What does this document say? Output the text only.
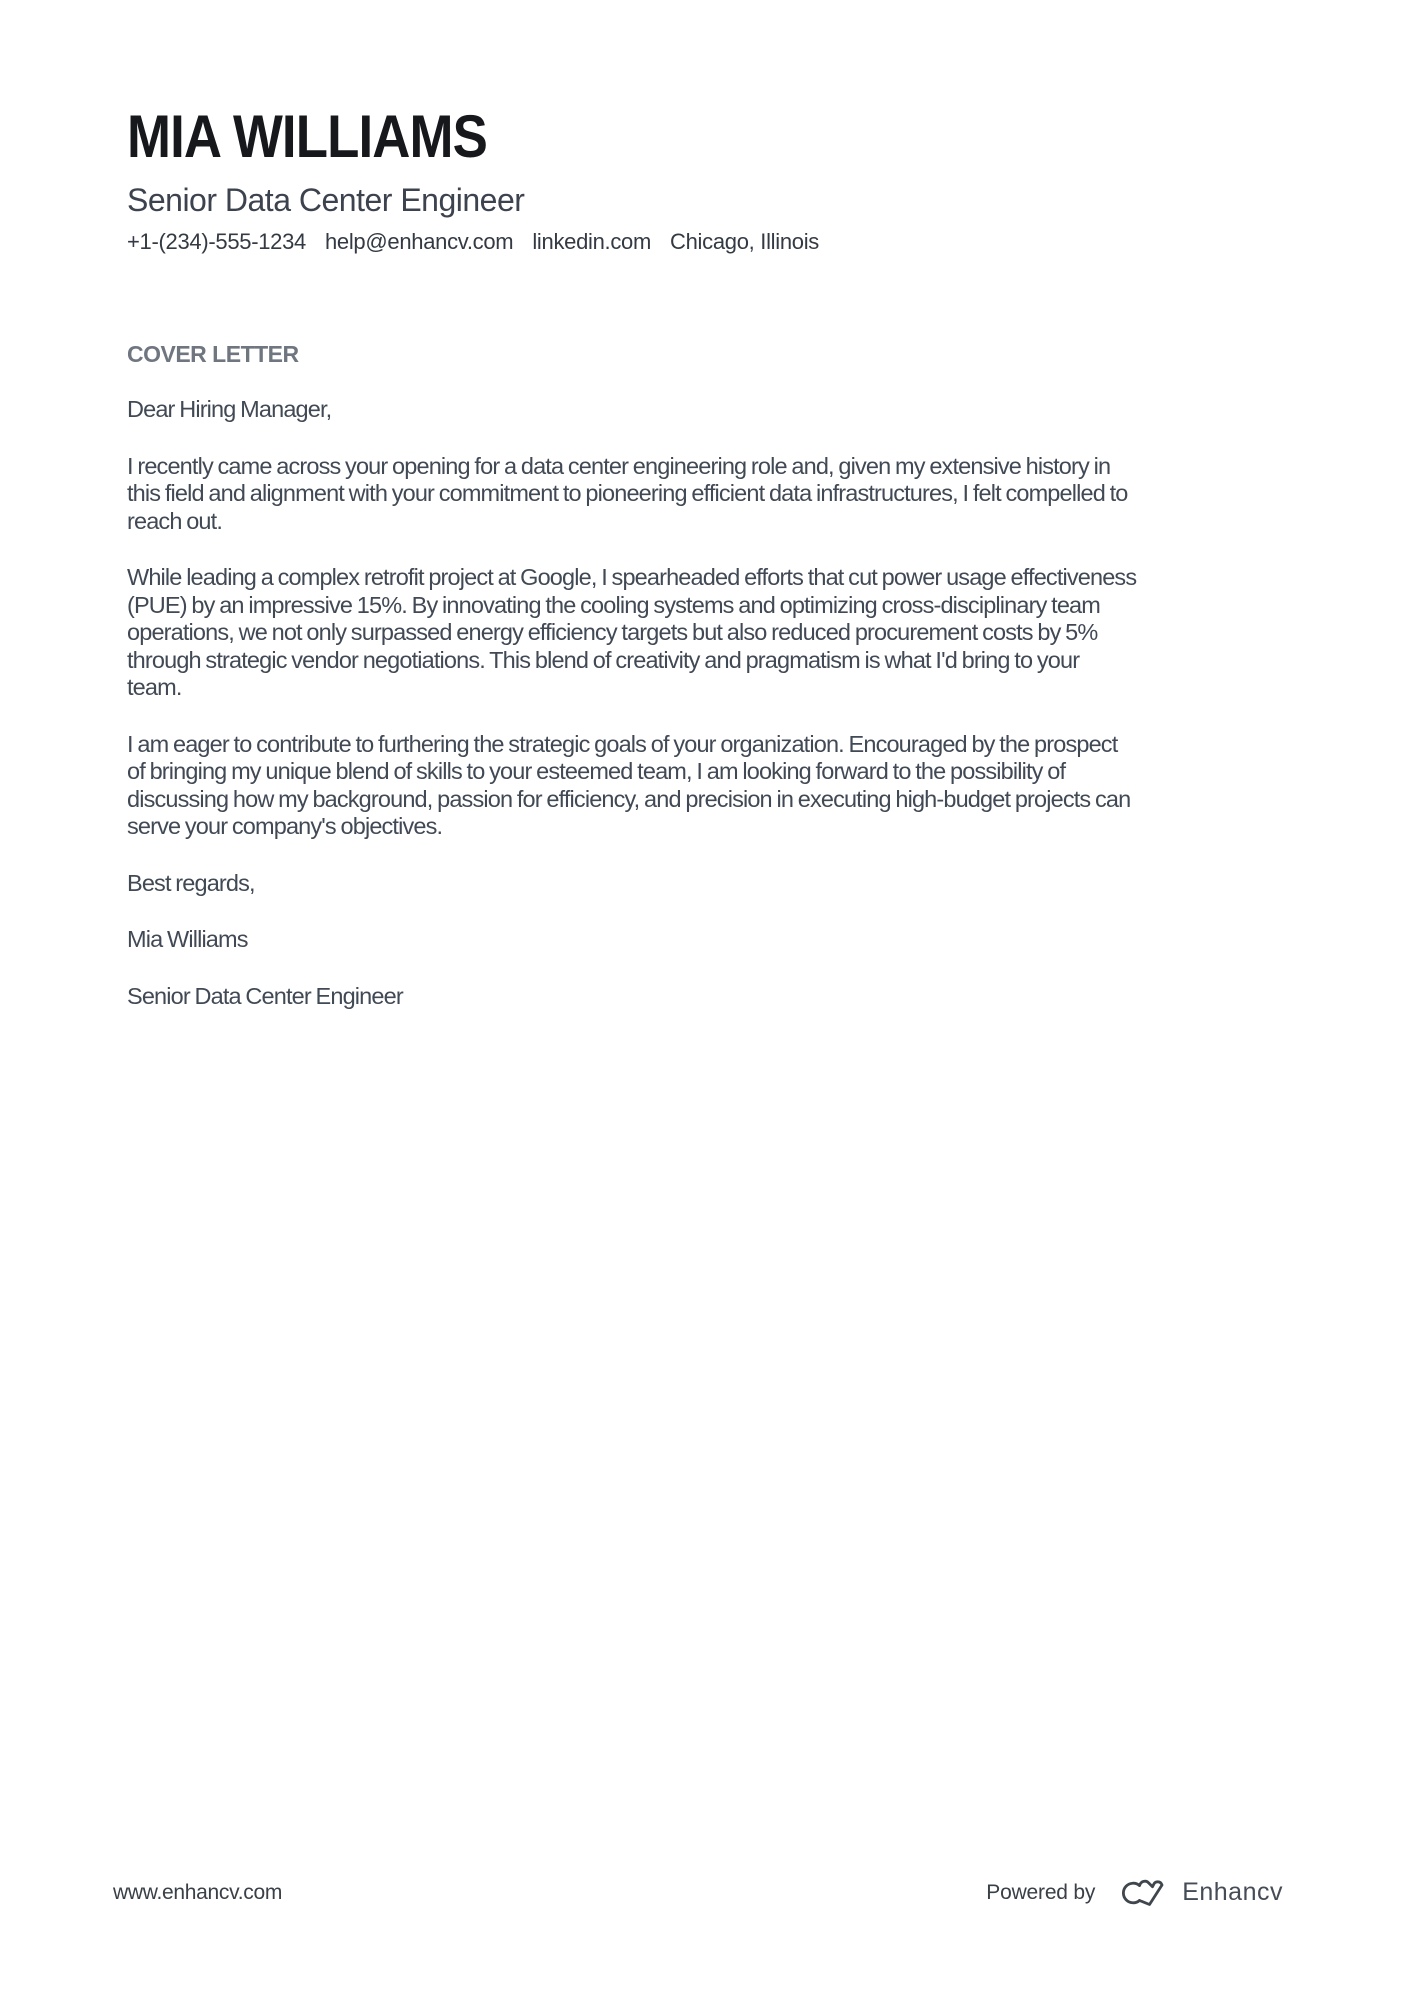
MIA WILLIAMS
Senior Data Center Engineer
+1-(234)-555-1234 help@enhancv.com linkedin.com Chicago, Illinois
COVER LETTER

Dear Hiring Manager,

I recently came across your opening for a data center engineering role and, given my extensive history in
this field and alignment with your commitment to pioneering efficient data infrastructures, I felt compelled to
reach out.

While leading a complex retrofit project at Google, I spearheaded efforts that cut power usage effectiveness
(PUE) by an impressive 15%. By innovating the cooling systems and optimizing cross-disciplinary team
operations, we not only surpassed energy efficiency targets but also reduced procurement costs by 5%
through strategic vendor negotiations. This blend of creativity and pragmatism is what I'd bring to your
team.

I am eager to contribute to furthering the strategic goals of your organization. Encouraged by the prospect
of bringing my unique blend of skills to your esteemed team, I am looking forward to the possibility of
discussing how my background, passion for efficiency, and precision in executing high-budget projects can
serve your company's objectives.

Best regards,

Mia Williams

Senior Data Center Engineer

www.enhancv.com	Powered by	Enhancv
